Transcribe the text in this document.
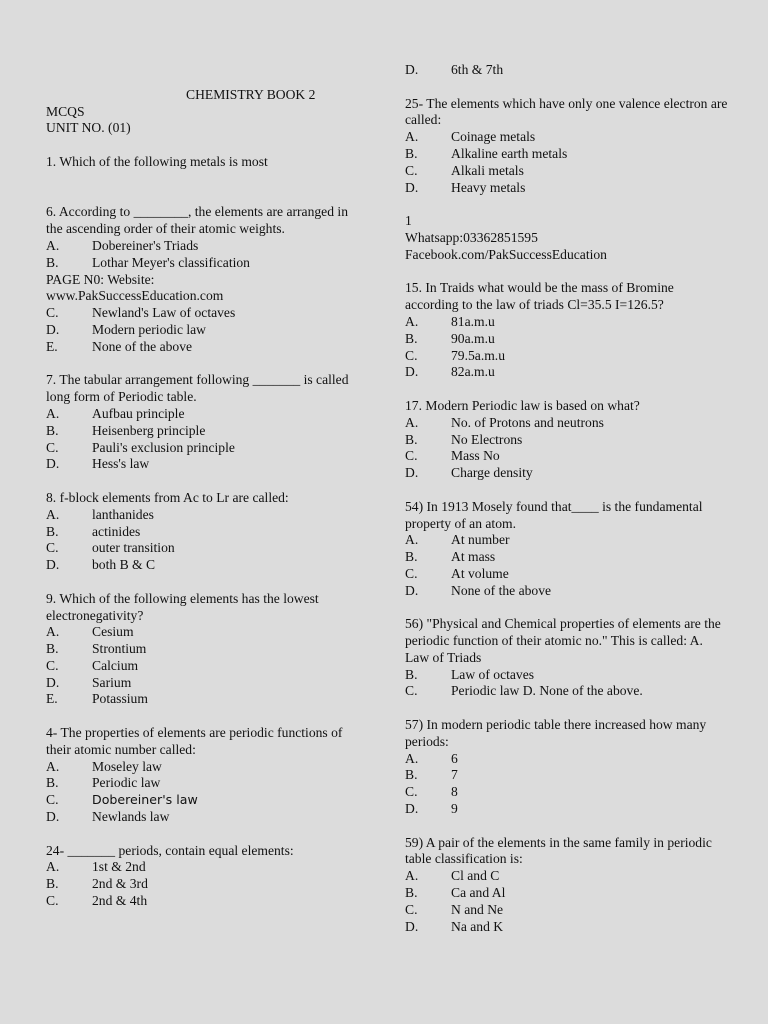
CHEMISTRY BOOK 2
MCQS
UNIT NO. (01)
1. Which of the following metals is most
6. According to ________, the elements are arranged in the ascending order of their atomic weights.
A.	Dobereiner's Triads
B.	Lothar Meyer's classification
PAGE N0: Website:
www.PakSuccessEducation.com
C.	Newland's Law of octaves
D.	Modern periodic law
E.	None of the above
7. The tabular arrangement following _______ is called long form of Periodic table.
A.	Aufbau principle
B.	Heisenberg principle
C.	Pauli's exclusion principle
D.	Hess's law
8. f-block elements from Ac to Lr are called:
A.	lanthanides
B.	actinides
C.	outer transition
D.	both B & C
9. Which of the following elements has the lowest electronegativity?
A.	Cesium
B.	Strontium
C.	Calcium
D.	Sarium
E.	Potassium
4- The properties of elements are periodic functions of their atomic number called:
A.	Moseley law
B.	Periodic law
C.	Dobereiner's law
D.	Newlands law
24- _______ periods, contain equal elements:
A.	1st & 2nd
B.	2nd & 3rd
C.	2nd & 4th
D.	6th & 7th
25- The elements which have only one valence electron are called:
A.	Coinage metals
B.	Alkaline earth metals
C.	Alkali metals
D.	Heavy metals
1
Whatsapp:03362851595
Facebook.com/PakSuccessEducation
15. In Traids what would be the mass of Bromine according to the law of triads Cl=35.5 I=126.5?
A.	81a.m.u
B.	90a.m.u
C.	79.5a.m.u
D.	82a.m.u
17. Modern Periodic law is based on what?
A.	No. of Protons and neutrons
B.	No Electrons
C.	Mass No
D.	Charge density
54) In 1913 Mosely found that____ is the fundamental property of an atom.
A.	At number
B.	At mass
C.	At volume
D.	None of the above
56) "Physical and Chemical properties of elements are the periodic function of their atomic no." This is called: A. Law of Triads
B.	Law of octaves
C.	Periodic law D. None of the above.
57) In modern periodic table there increased how many periods:
A.	6
B.	7
C.	8
D.	9
59) A pair of the elements in the same family in periodic table classification is:
A.	Cl and C
B.	Ca and Al
C.	N and Ne
D.	Na and K
